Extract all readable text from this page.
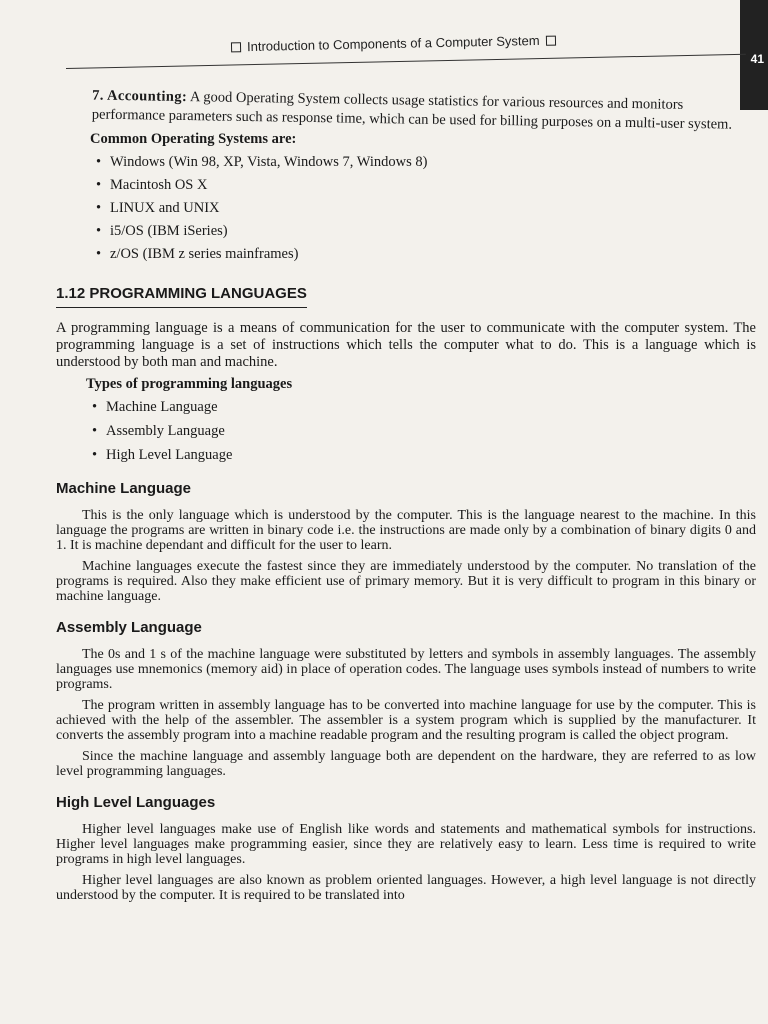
41
Introduction to Components of a Computer System

7. Accounting: A good Operating System collects usage statistics for various resources and monitors performance parameters such as response time, which can be used for billing purposes on a multi-user system.

Common Operating Systems are:

• Windows (Win 98, XP, Vista, Windows 7, Windows 8)
• Macintosh OS X
• LINUX and UNIX
• i5/OS (IBM iSeries)
• z/OS (IBM z series mainframes)
1.12 PROGRAMMING LANGUAGES

A programming language is a means of communication for the user to communicate with the computer system. The programming language is a set of instructions which tells the computer what to do. This is a language which is understood by both man and machine.

Types of programming languages

• Machine Language
• Assembly Language
• High Level Language
Machine Language

This is the only language which is understood by the computer. This is the language nearest to the machine. In this language the programs are written in binary code i.e. the instructions are made only by a combination of binary digits 0 and 1. It is machine dependant and difficult for the user to learn.

Machine languages execute the fastest since they are immediately understood by the computer. No translation of the programs is required. Also they make efficient use of primary memory. But it is very difficult to program in this binary or machine language.

Assembly Language

The 0s and 1 s of the machine language were substituted by letters and symbols in assembly languages. The assembly languages use mnemonics (memory aid) in place of operation codes. The language uses symbols instead of numbers to write programs.

The program written in assembly language has to be converted into machine language for use by the computer. This is achieved with the help of the assembler. The assembler is a system program which is supplied by the manufacturer. It converts the assembly program into a machine readable program and the resulting program is called the object program.

Since the machine language and assembly language both are dependent on the hardware, they are referred to as low level programming languages.

High Level Languages

Higher level languages make use of English like words and statements and mathematical symbols for instructions. Higher level languages make programming easier, since they are relatively easy to learn. Less time is required to write programs in high level languages.

Higher level languages are also known as problem oriented languages. However, a high level language is not directly understood by the computer. It is required to be translated into
